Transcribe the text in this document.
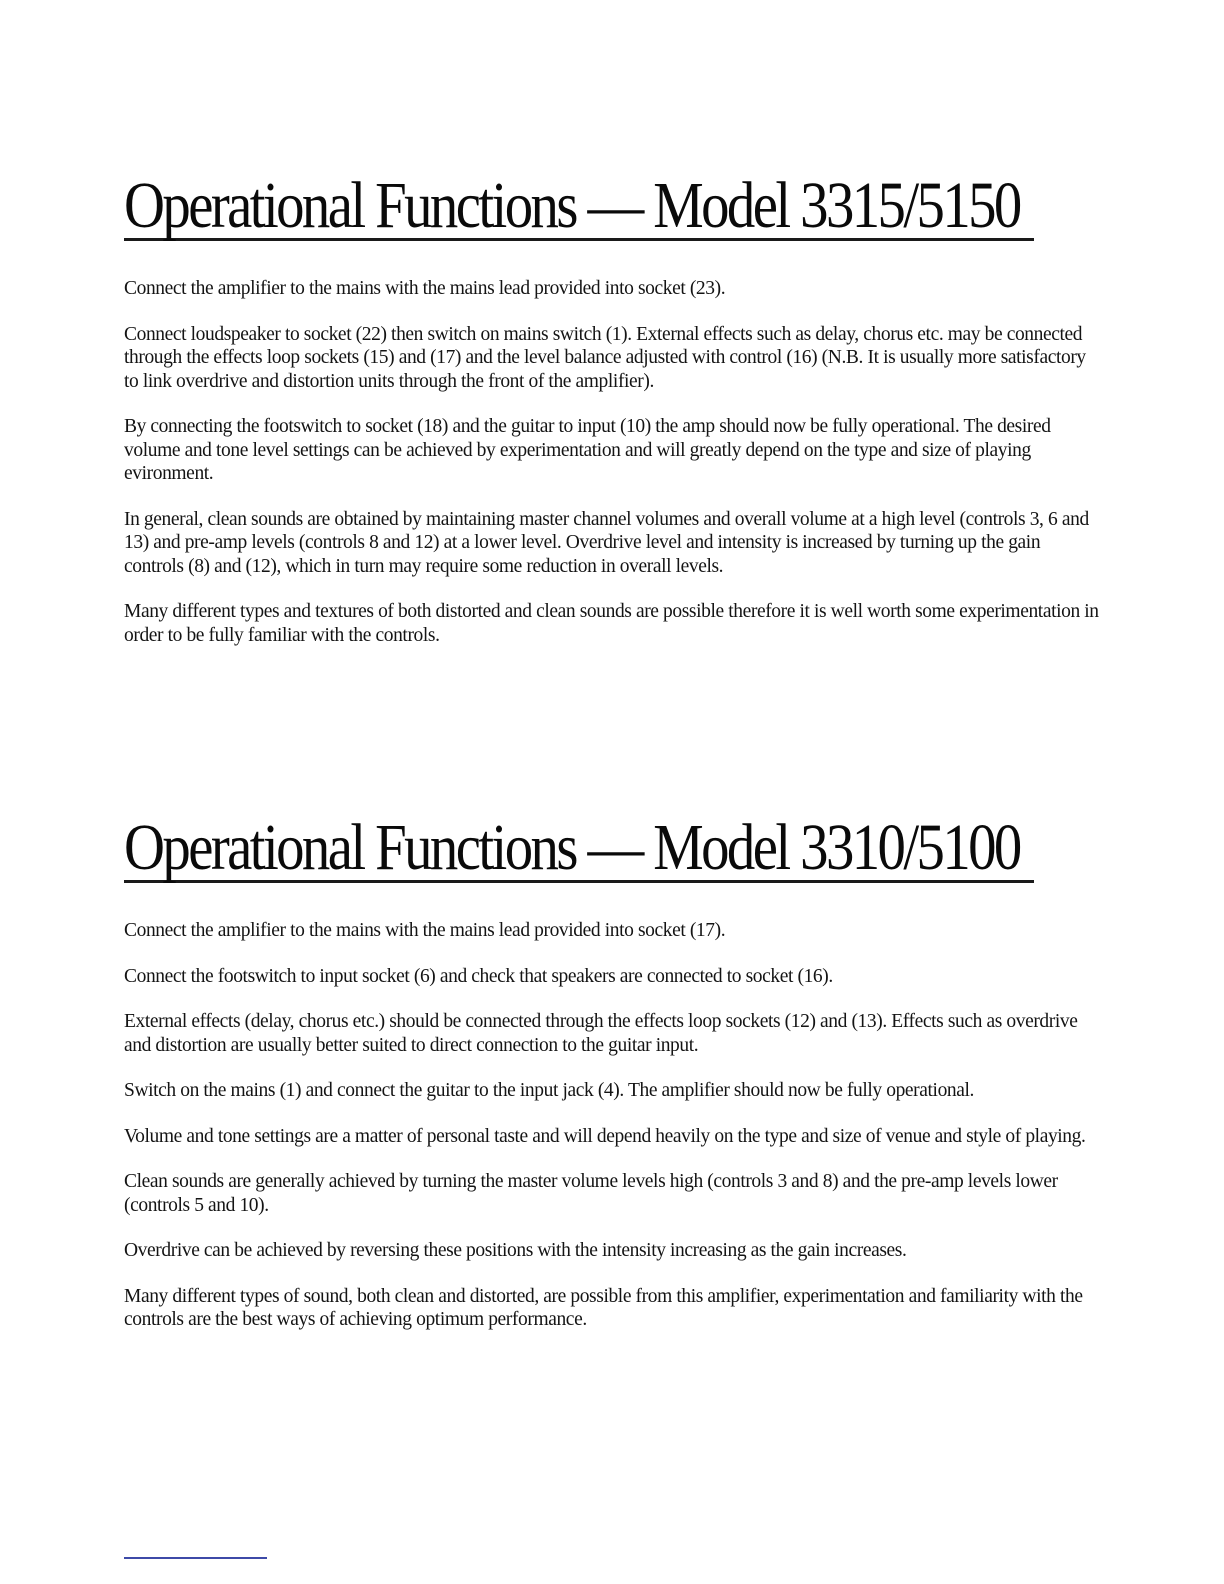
Operational Functions — Model 3315/5150

Connect the amplifier to the mains with the mains lead provided into socket (23).

Connect loudspeaker to socket (22) then switch on mains switch (1). External effects such as delay, chorus etc. may be connected through the effects loop sockets (15) and (17) and the level balance adjusted with control (16) (N.B. It is usually more satisfactory to link overdrive and distortion units through the front of the amplifier).

By connecting the footswitch to socket (18) and the guitar to input (10) the amp should now be fully operational. The desired volume and tone level settings can be achieved by experimentation and will greatly depend on the type and size of playing evironment.

In general, clean sounds are obtained by maintaining master channel volumes and overall volume at a high level (controls 3, 6 and 13) and pre-amp levels (controls 8 and 12) at a lower level. Overdrive level and intensity is increased by turning up the gain controls (8) and (12), which in turn may require some reduction in overall levels.

Many different types and textures of both distorted and clean sounds are possible therefore it is well worth some experimentation in order to be fully familiar with the controls.

Operational Functions — Model 3310/5100

Connect the amplifier to the mains with the mains lead provided into socket (17).

Connect the footswitch to input socket (6) and check that speakers are connected to socket (16).

External effects (delay, chorus etc.) should be connected through the effects loop sockets (12) and (13). Effects such as overdrive and distortion are usually better suited to direct connection to the guitar input.

Switch on the mains (1) and connect the guitar to the input jack (4). The amplifier should now be fully operational.

Volume and tone settings are a matter of personal taste and will depend heavily on the type and size of venue and style of playing.

Clean sounds are generally achieved by turning the master volume levels high (controls 3 and 8) and the pre-amp levels lower (controls 5 and 10).

Overdrive can be achieved by reversing these positions with the intensity increasing as the gain increases.

Many different types of sound, both clean and distorted, are possible from this amplifier, experimentation and familiarity with the controls are the best ways of achieving optimum performance.
